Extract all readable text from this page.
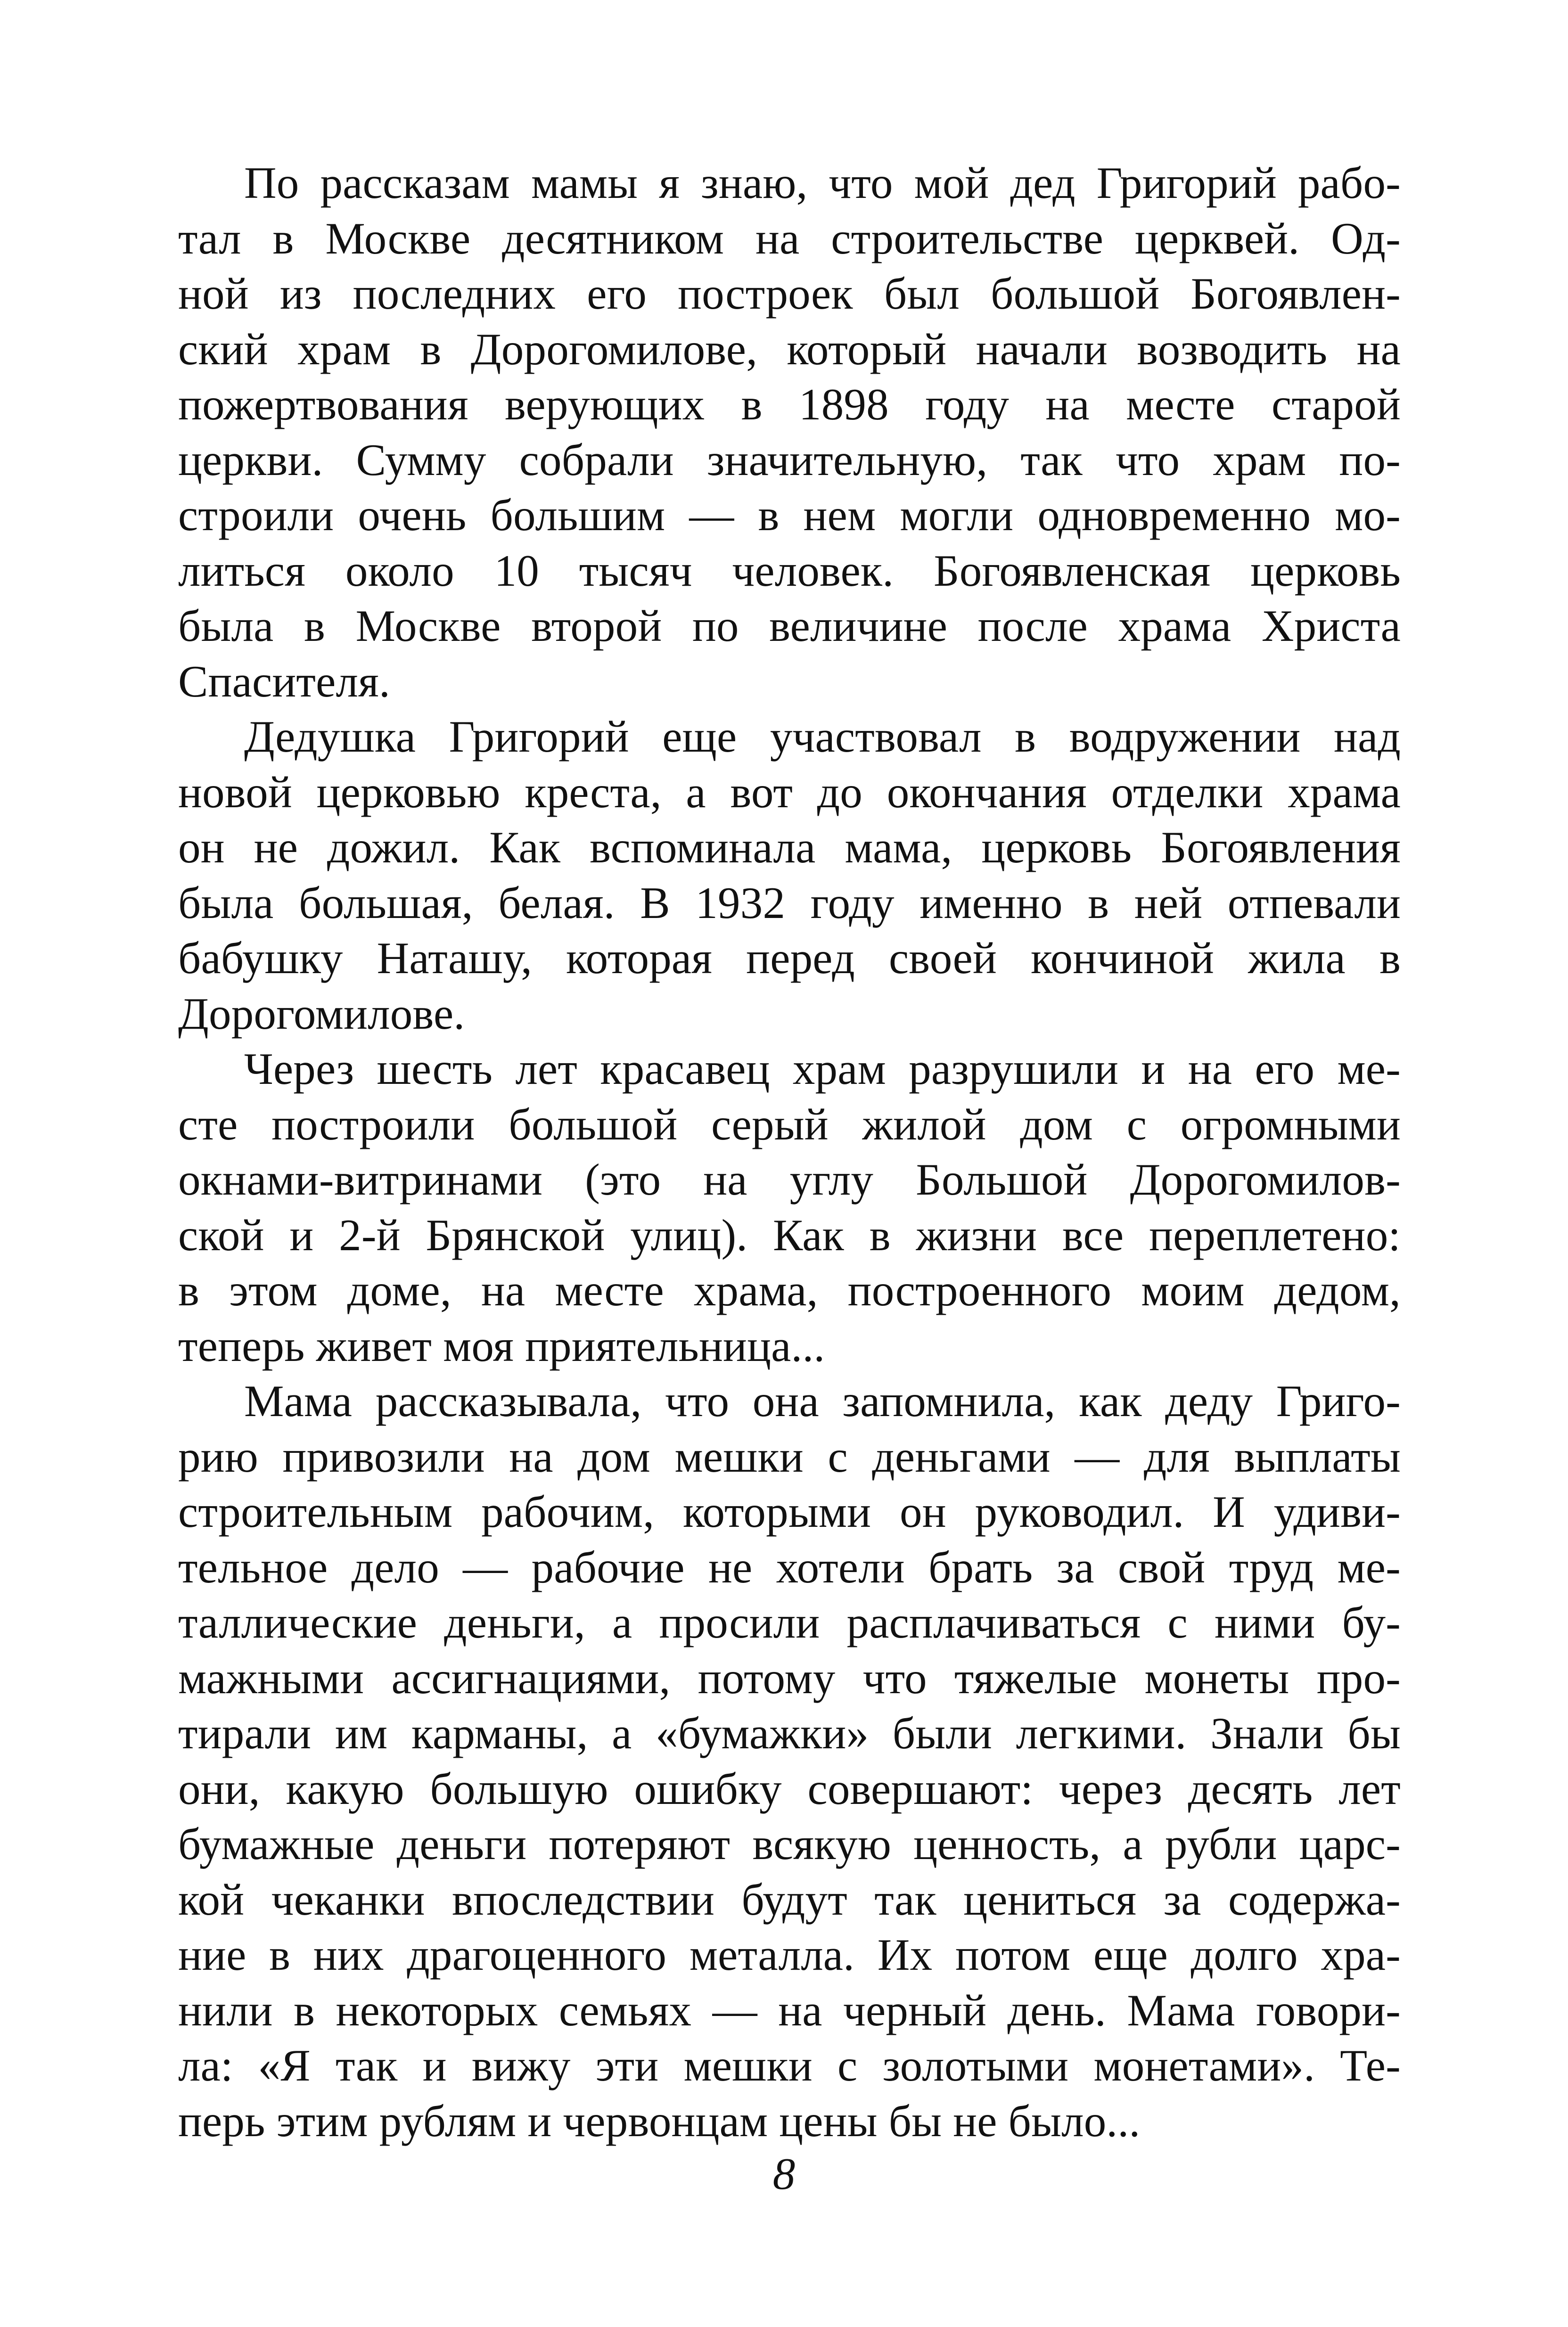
По рассказам мамы я знаю, что мой дед Григорий рабо-
тал в Москве десятником на строительстве церквей. Од-
ной из последних его построек был большой Богоявлен-
ский храм в Дорогомилове, который начали возводить на
пожертвования верующих в 1898 году на месте старой
церкви. Сумму собрали значительную, так что храм по-
строили очень большим — в нем могли одновременно мо-
литься около 10 тысяч человек. Богоявленская церковь
была в Москве второй по величине после храма Христа
Спасителя.

Дедушка Григорий еще участвовал в водружении над
новой церковью креста, а вот до окончания отделки храма
он не дожил. Как вспоминала мама, церковь Богоявления
была большая, белая. В 1932 году именно в ней отпевали
бабушку Наташу, которая перед своей кончиной жила в
Дорогомилове.

Через шесть лет красавец храм разрушили и на его ме-
сте построили большой серый жилой дом с огромными
окнами-витринами (это на углу Большой Дорогомилов-
ской и 2-й Брянской улиц). Как в жизни все переплетено:
в этом доме, на месте храма, построенного моим дедом,
теперь живет моя приятельница...

Мама рассказывала, что она запомнила, как деду Григо-
рию привозили на дом мешки с деньгами — для выплаты
строительным рабочим, которыми он руководил. И удиви-
тельное дело — рабочие не хотели брать за свой труд ме-
таллические деньги, а просили расплачиваться с ними бу-
мажными ассигнациями, потому что тяжелые монеты про-
тирали им карманы, а «бумажки» были легкими. Знали бы
они, какую большую ошибку совершают: через десять лет
бумажные деньги потеряют всякую ценность, а рубли царс-
кой чеканки впоследствии будут так цениться за содержа-
ние в них драгоценного металла. Их потом еще долго хра-
нили в некоторых семьях — на черный день. Мама говори-
ла: «Я так и вижу эти мешки с золотыми монетами». Те-
перь этим рублям и червонцам цены бы не было...

8
